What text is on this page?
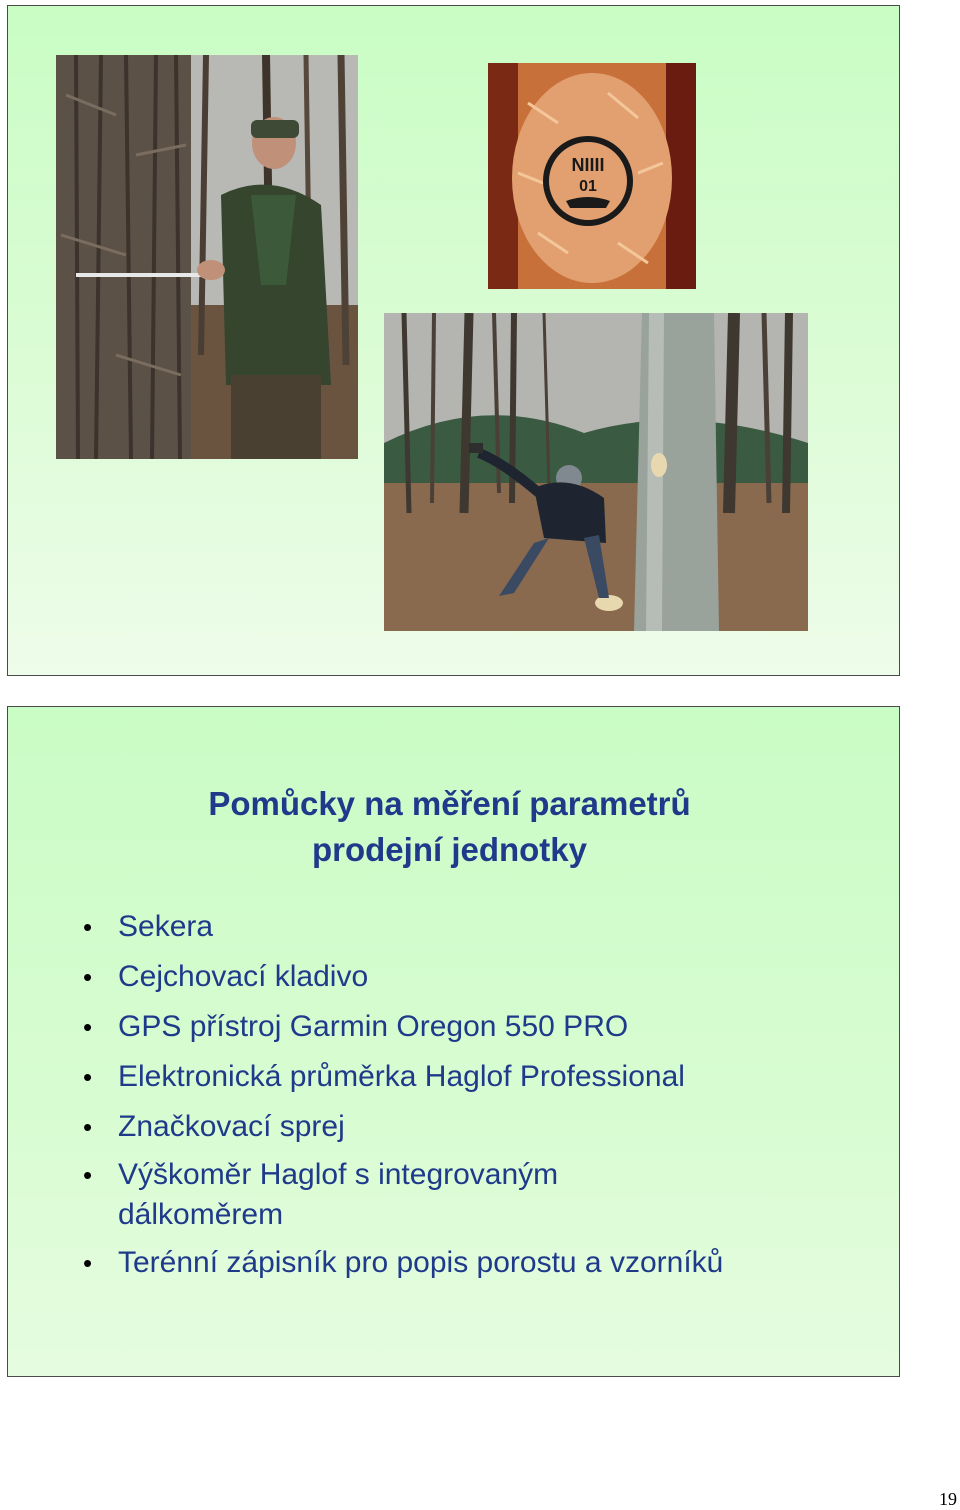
NIIII
01
Pomůcky na měření parametrů
prodejní jednotky
• Sekera
• Cejchovací kladivo
• GPS přístroj Garmin Oregon 550 PRO
• Elektronická průměrka Haglof Professional
• Značkovací sprej
• Výškoměr Haglof s integrovaným dálkoměrem
• Terénní zápisník pro popis porostu a vzorníků
19
